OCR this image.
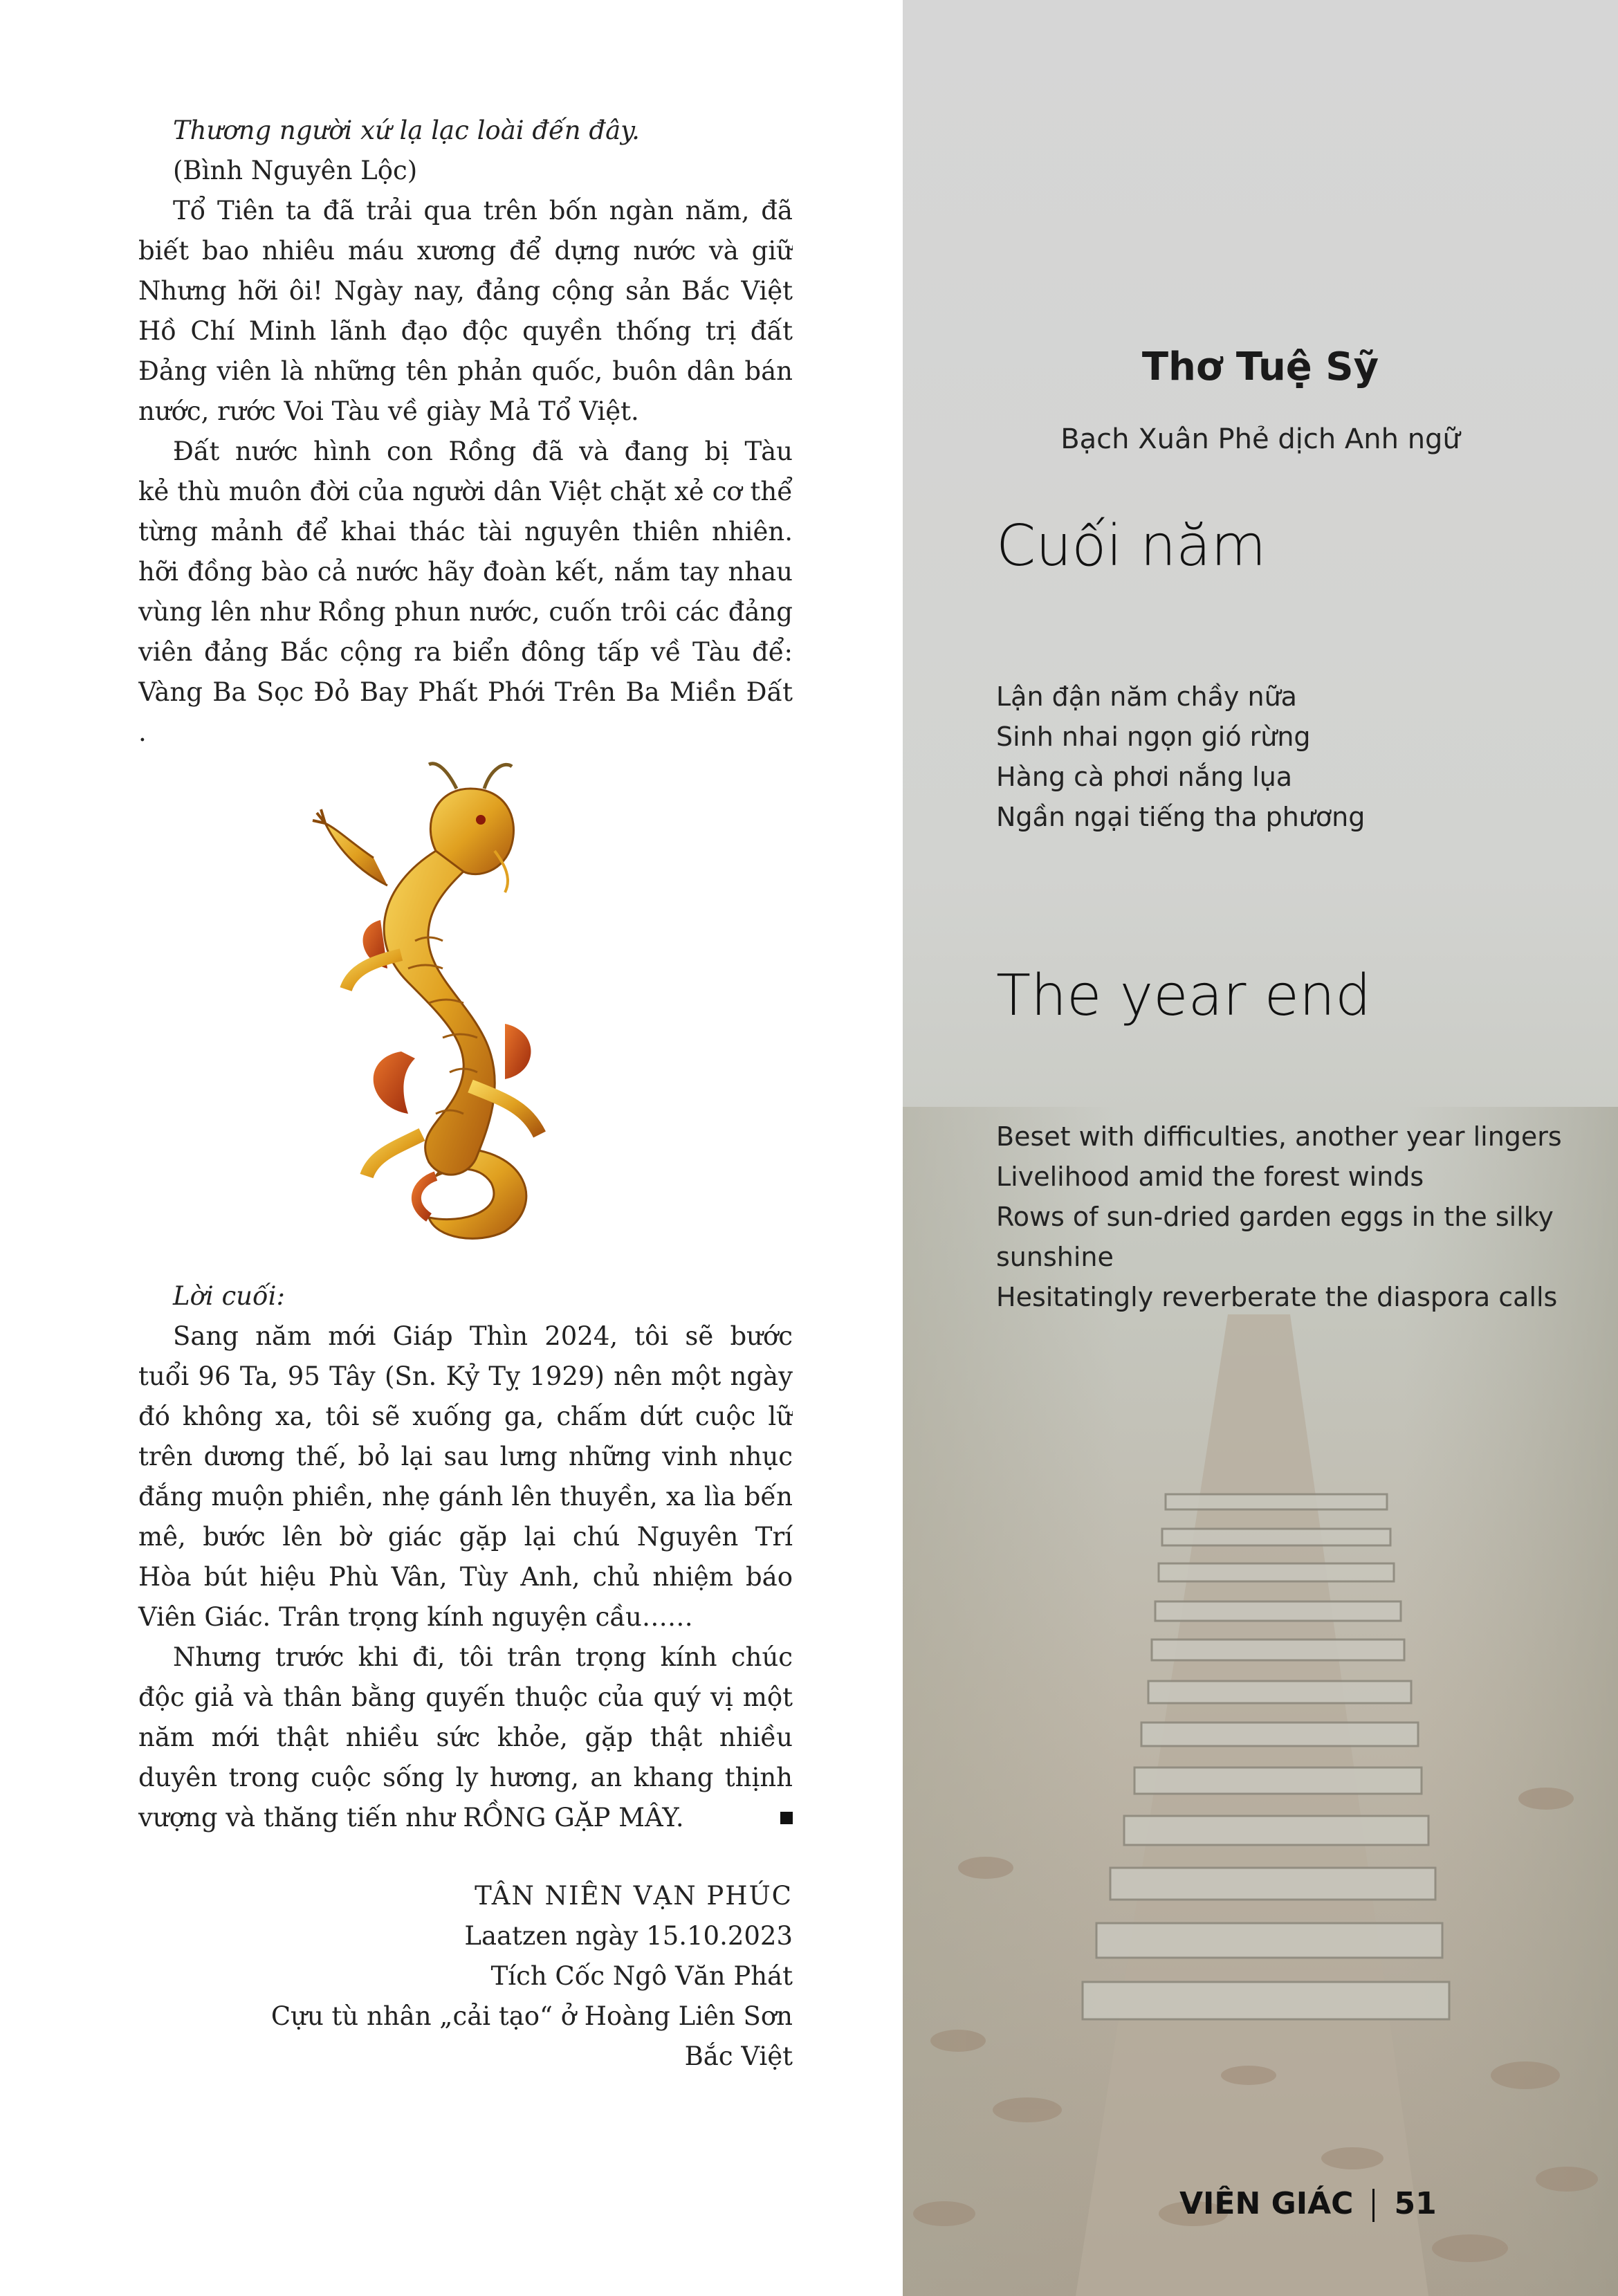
Thương người xứ lạ lạc loài đến đây.
(Bình Nguyên Lộc)
Tổ Tiên ta đã trải qua trên bốn ngàn năm, đã
biết bao nhiêu máu xương để dựng nước và giữ
Nhưng hỡi ôi! Ngày nay, đảng cộng sản Bắc Việt
Hồ Chí Minh lãnh đạo độc quyền thống trị đất
Đảng viên là những tên phản quốc, buôn dân bán
nước, rước Voi Tàu về giày Mả Tổ Việt.
Đất nước hình con Rồng đã và đang bị Tàu
kẻ thù muôn đời của người dân Việt chặt xẻ cơ thể
từng mảnh để khai thác tài nguyên thiên nhiên.
hỡi đồng bào cả nước hãy đoàn kết, nắm tay nhau
vùng lên như Rồng phun nước, cuốn trôi các đảng
viên đảng Bắc cộng ra biển đông tấp về Tàu để:
Vàng Ba Sọc Đỏ Bay Phất Phới Trên Ba Miền Đất
.
Lời cuối:
Sang năm mới Giáp Thìn 2024, tôi sẽ bước
tuổi 96 Ta, 95 Tây (Sn. Kỷ Tỵ 1929) nên một ngày
đó không xa, tôi sẽ xuống ga, chấm dứt cuộc lữ
trên dương thế, bỏ lại sau lưng những vinh nhục
đắng muộn phiền, nhẹ gánh lên thuyền, xa lìa bến
mê, bước lên bờ giác gặp lại chú Nguyên Trí
Hòa bút hiệu Phù Vân, Tùy Anh, chủ nhiệm báo
Viên Giác. Trân trọng kính nguyện cầu……
Nhưng trước khi đi, tôi trân trọng kính chúc
độc giả và thân bằng quyến thuộc của quý vị một
năm mới thật nhiều sức khỏe, gặp thật nhiều
duyên trong cuộc sống ly hương, an khang thịnh
vượng và thăng tiến như RỒNG GẶP MÂY.
TÂN NIÊN VẠN PHÚC
Laatzen ngày 15.10.2023
Tích Cốc Ngô Văn Phát
Cựu tù nhân „cải tạo“ ở Hoàng Liên Sơn
Bắc Việt
Thơ Tuệ Sỹ
Bạch Xuân Phẻ dịch Anh ngữ
Cuối năm
Lận đận năm chầy nữa
Sinh nhai ngọn gió rừng
Hàng cà phơi nắng lụa
Ngần ngại tiếng tha phương
The year end
Beset with difficulties, another year lingers
Livelihood amid the forest winds
Rows of sun-dried garden eggs in the silky
sunshine
Hesitatingly reverberate the diaspora calls
VIÊN GIÁC 51
